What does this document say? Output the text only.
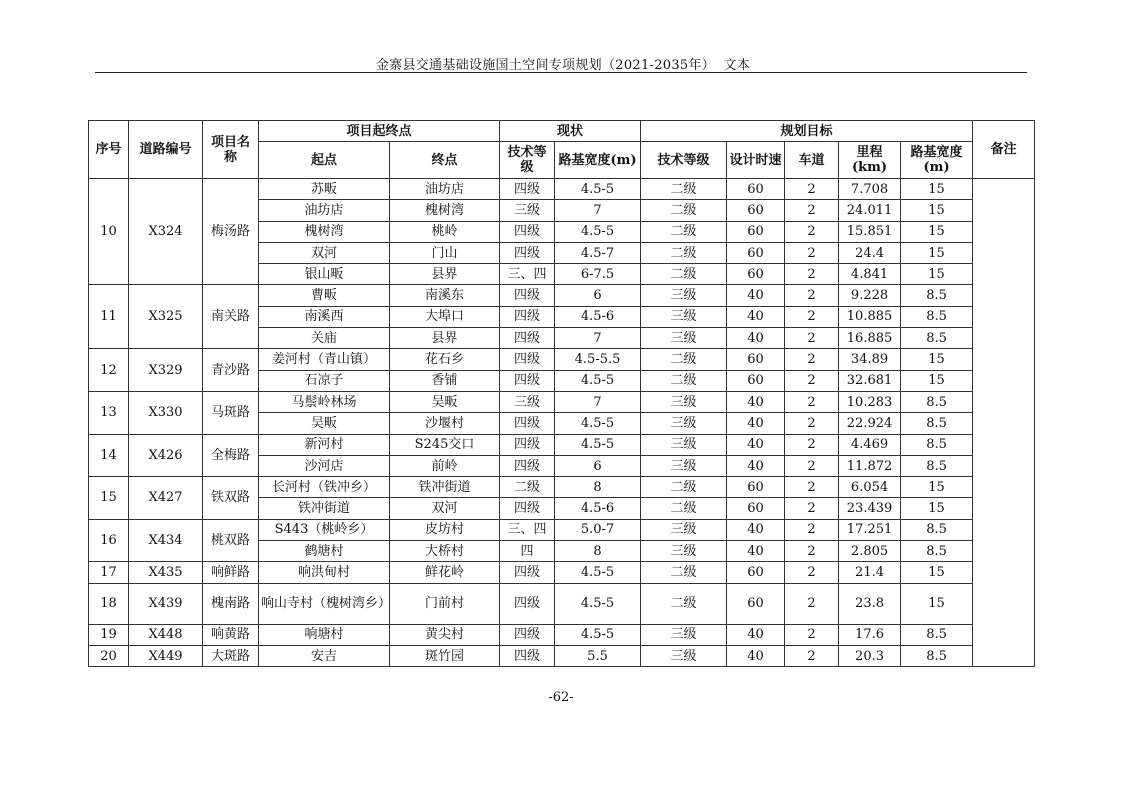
金寨县交通基础设施国土空间专项规划（2021-2035年） 文本
序号	道路编号	项目名称	项目起终点		现状		规划目标					备注
			起点	终点	技术等级	路基宽度(m)	技术等级	设计时速	车道	里程(km)	路基宽度(m)	
10	X324	梅汤路	苏畈	油坊店	四级	4.5-5	二级	60	2	7.708	15	
			油坊店	槐树湾	三级	7	二级	60	2	24.011	15	
			槐树湾	桃岭	四级	4.5-5	二级	60	2	15.851	15	
			双河	门山	四级	4.5-7	二级	60	2	24.4	15	
			银山畈	县界	三、四	6-7.5	二级	60	2	4.841	15	
11	X325	南关路	曹畈	南溪东	四级	6	三级	40	2	9.228	8.5	
			南溪西	大埠口	四级	4.5-6	三级	40	2	10.885	8.5	
			关庙	县界	四级	7	三级	40	2	16.885	8.5	
12	X329	青沙路	姜河村（青山镇）	花石乡	四级	4.5-5.5	二级	60	2	34.89	15	
			石凉子	香铺	四级	4.5-5	二级	60	2	32.681	15	
13	X330	马斑路	马鬃岭林场	吴畈	三级	7	三级	40	2	10.283	8.5	
			吴畈	沙堰村	四级	4.5-5	三级	40	2	22.924	8.5	
14	X426	全梅路	新河村	S245交口	四级	4.5-5	三级	40	2	4.469	8.5	
			沙河店	前岭	四级	6	三级	40	2	11.872	8.5	
15	X427	铁双路	长河村（铁冲乡）	铁冲街道	二级	8	二级	60	2	6.054	15	
			铁冲街道	双河	四级	4.5-6	二级	60	2	23.439	15	
16	X434	桃双路	S443（桃岭乡）	皮坊村	三、四	5.0-7	三级	40	2	17.251	8.5	
			鹤塘村	大桥村	四	8	三级	40	2	2.805	8.5	
17	X435	响鲜路	响洪甸村	鲜花岭	四级	4.5-5	二级	60	2	21.4	15	
18	X439	槐南路	响山寺村（槐树湾乡）	门前村	四级	4.5-5	二级	60	2	23.8	15	
19	X448	响黄路	响塘村	黄尖村	四级	4.5-5	三级	40	2	17.6	8.5	
20	X449	大斑路	安吉	斑竹园	四级	5.5	三级	40	2	20.3	8.5	
-62-
